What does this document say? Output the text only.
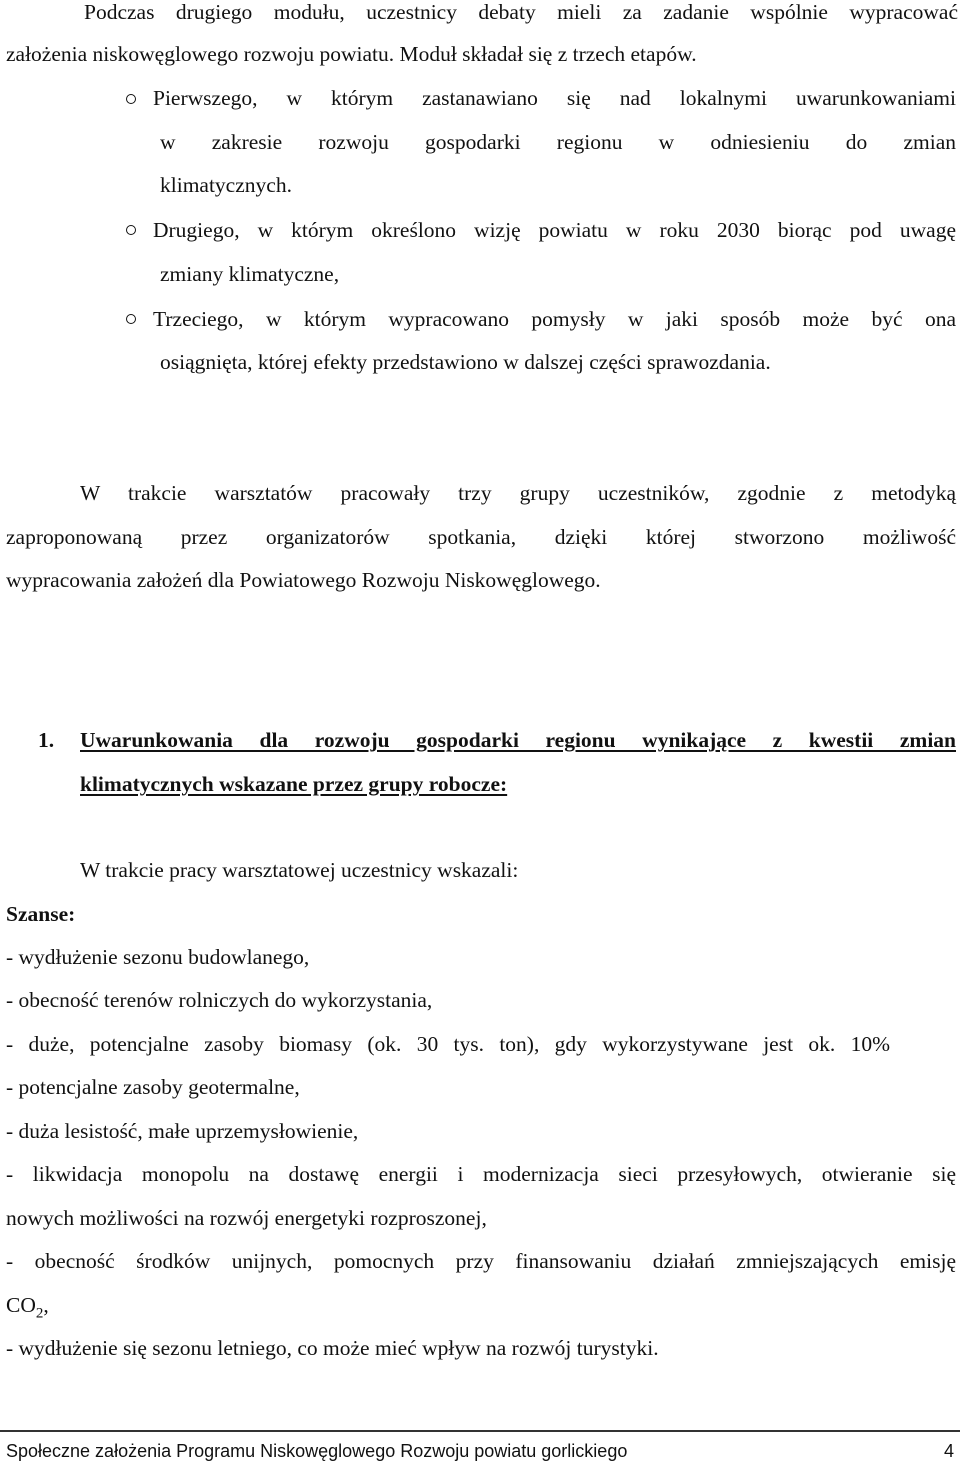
Podczas drugiego modułu, uczestnicy debaty mieli za zadanie wspólnie wypracować
założenia niskowęglowego rozwoju powiatu. Moduł składał się z trzech etapów.
Pierwszego, w którym zastanawiano się nad lokalnymi uwarunkowaniami
w zakresie rozwoju gospodarki regionu w odniesieniu do zmian
klimatycznych.
Drugiego, w którym określono wizję powiatu w roku 2030 biorąc pod uwagę
zmiany klimatyczne,
Trzeciego, w którym wypracowano pomysły w jaki sposób może być ona
osiągnięta, której efekty przedstawiono w dalszej części sprawozdania.
W trakcie warsztatów pracowały trzy grupy uczestników, zgodnie z metodyką
zaproponowaną przez organizatorów spotkania, dzięki której stworzono możliwość
wypracowania założeń dla Powiatowego Rozwoju Niskowęglowego.
1. Uwarunkowania dla rozwoju gospodarki regionu wynikające z kwestii zmian
klimatycznych wskazane przez grupy robocze:
W trakcie pracy warsztatowej uczestnicy wskazali:
Szanse:
- wydłużenie sezonu budowlanego,
- obecność terenów rolniczych do wykorzystania,
- duże, potencjalne zasoby biomasy (ok. 30 tys. ton), gdy wykorzystywane jest ok. 10%
- potencjalne zasoby geotermalne,
- duża lesistość, małe uprzemysłowienie,
- likwidacja monopolu na dostawę energii i modernizacja sieci przesyłowych, otwieranie się
nowych możliwości na rozwój energetyki rozproszonej,
- obecność środków unijnych, pomocnych przy finansowaniu działań zmniejszających emisję
$CO_2$,
- wydłużenie się sezonu letniego, co może mieć wpływ na rozwój turystyki.
Społeczne założenia Programu Niskowęglowego Rozwoju powiatu gorlickiego	4
